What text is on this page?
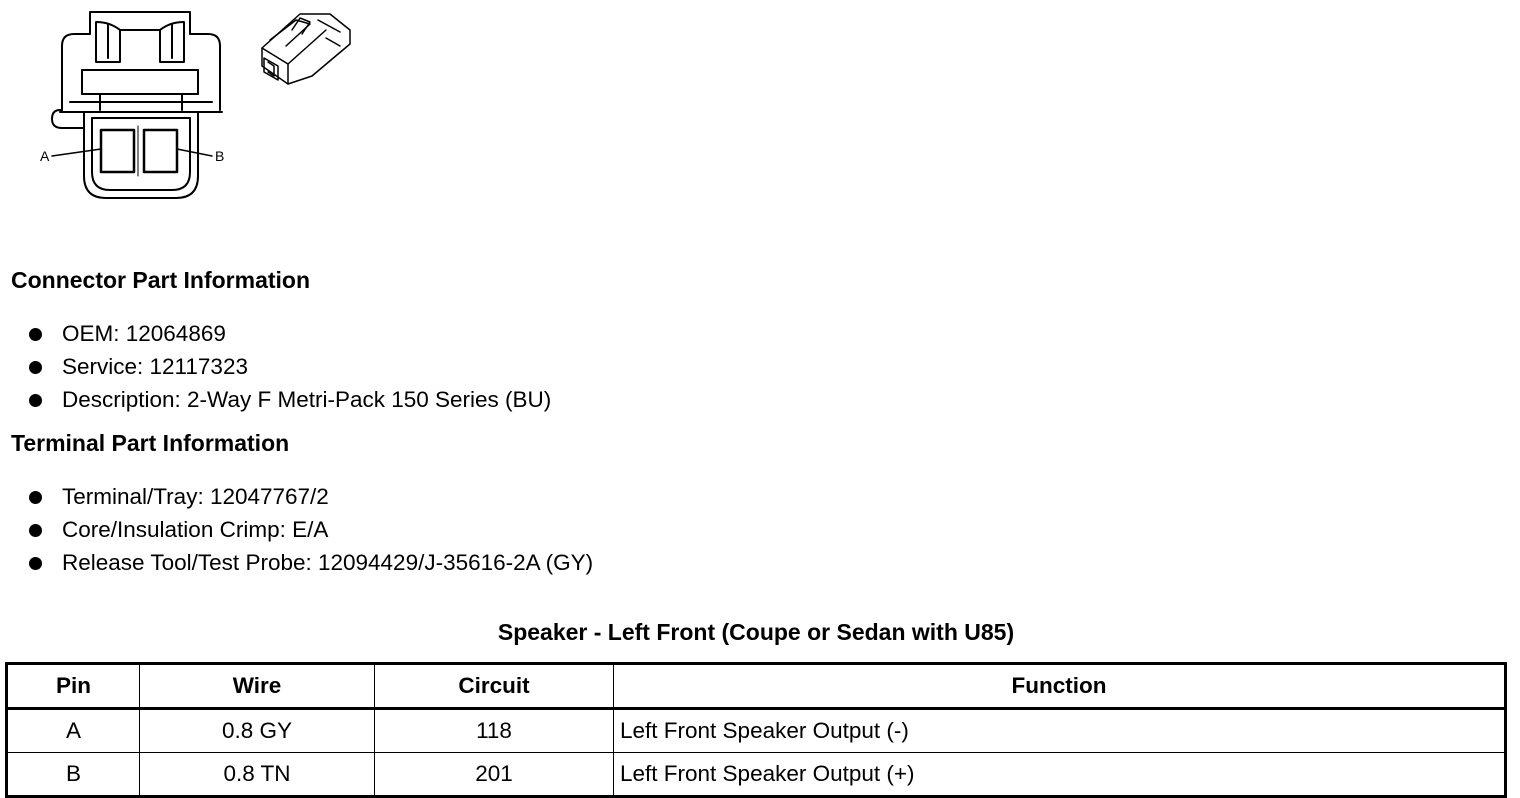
A	B
Connector Part Information
OEM: 12064869
Service: 12117323
Description: 2-Way F Metri-Pack 150 Series (BU)
Terminal Part Information
Terminal/Tray: 12047767/2
Core/Insulation Crimp: E/A
Release Tool/Test Probe: 12094429/J-35616-2A (GY)
Speaker - Left Front (Coupe or Sedan with U85)
Pin	Wire	Circuit	Function
A	0.8 GY	118	Left Front Speaker Output (-)
B	0.8 TN	201	Left Front Speaker Output (+)
